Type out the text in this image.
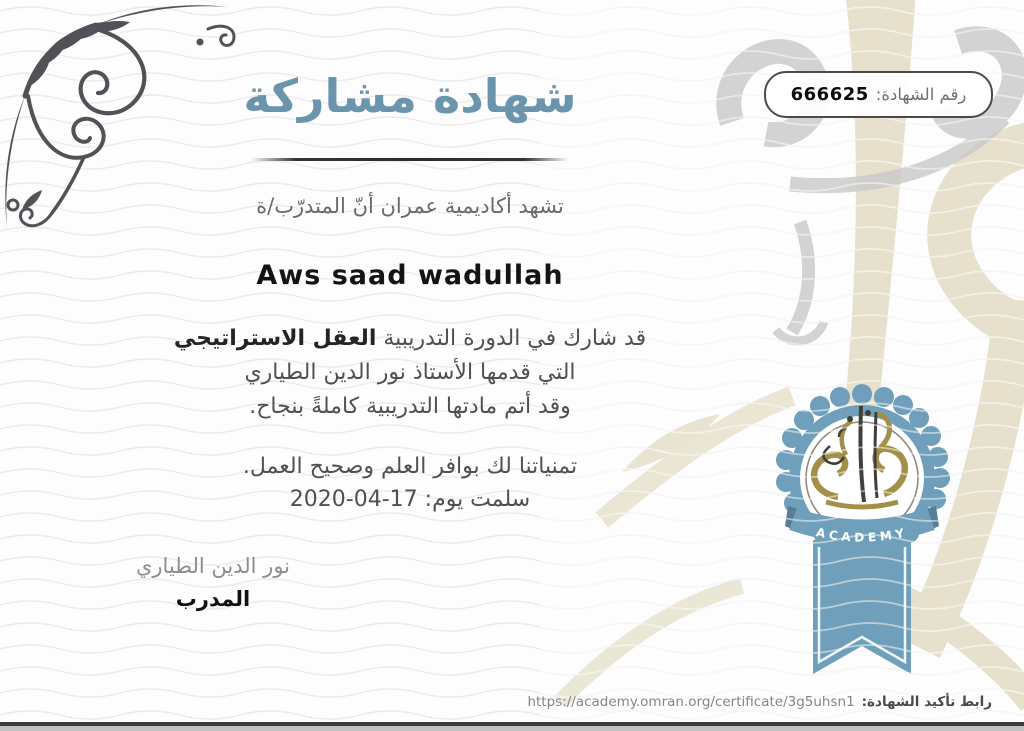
رقم الشهادة:
666625
شهادة مشاركة
تشهد أكاديمية عمران أنّ المتدرّب/ة
Aws saad wadullah
قد شارك في الدورة التدريبية العقل الاستراتيجي
التي قدمها الأستاذ نور الدين الطياري
وقد أتم مادتها التدريبية كاملةً بنجاح.
تمنياتنا لك بوافر العلم وصحيح العمل.
سلمت يوم: 17-04-2020
نور الدين الطياري
المدرب
رابط تأكيد الشهادة:
https://academy.omran.org/certificate/3g5uhsn1
